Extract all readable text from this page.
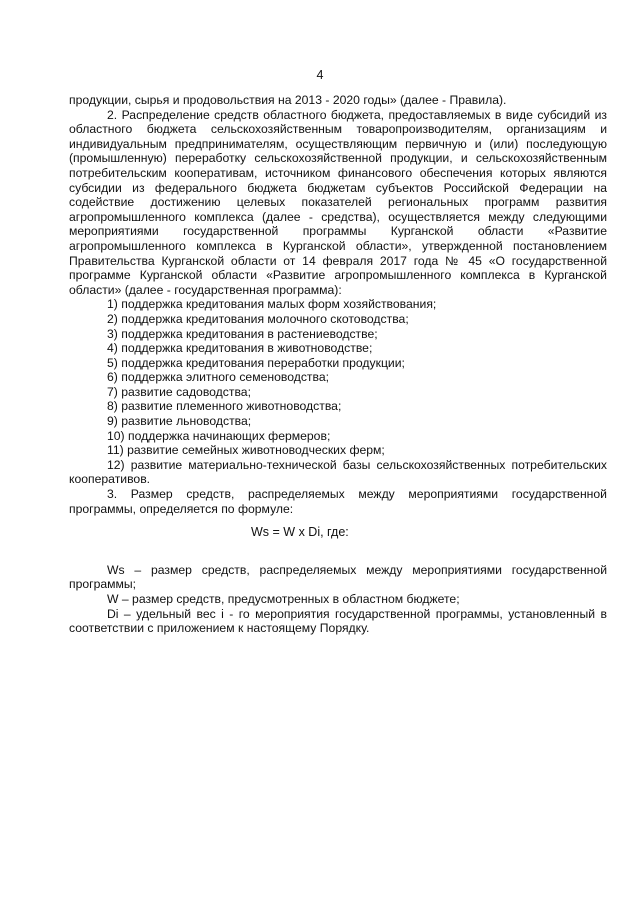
4

продукции, сырья и продовольствия на 2013 - 2020 годы» (далее - Правила).

2. Распределение средств областного бюджета, предоставляемых в виде субсидий из областного бюджета сельскохозяйственным товаропроизводителям, организациям и индивидуальным предпринимателям, осуществляющим первичную и (или) последующую (промышленную) переработку сельскохозяйственной продукции, и сельскохозяйственным потребительским кооперативам, источником финансового обеспечения которых являются субсидии из федерального бюджета бюджетам субъектов Российской Федерации на содействие достижению целевых показателей региональных программ развития агропромышленного комплекса (далее - средства), осуществляется между следующими мероприятиями государственной программы Курганской области «Развитие агропромышленного комплекса в Курганской области», утвержденной постановлением Правительства Курганской области от 14 февраля 2017 года № 45 «О государственной программе Курганской области «Развитие агропромышленного комплекса в Курганской области» (далее - государственная программа):

1) поддержка кредитования малых форм хозяйствования;

2) поддержка кредитования молочного скотоводства;

3) поддержка кредитования в растениеводстве;

4) поддержка кредитования в животноводстве;

5) поддержка кредитования переработки продукции;

6) поддержка элитного семеноводства;

7) развитие садоводства;

8) развитие племенного животноводства;

9) развитие льноводства;

10) поддержка начинающих фермеров;

11) развитие семейных животноводческих ферм;

12) развитие материально-технической базы сельскохозяйственных потребительских кооперативов.

3. Размер средств, распределяемых между мероприятиями государственной программы, определяется по формуле:

Ws = W x Di, где:

Ws – размер средств, распределяемых между мероприятиями государственной программы;

W – размер средств, предусмотренных в областном бюджете;

Di – удельный вес i - го мероприятия государственной программы, установленный в соответствии с приложением к настоящему Порядку.
